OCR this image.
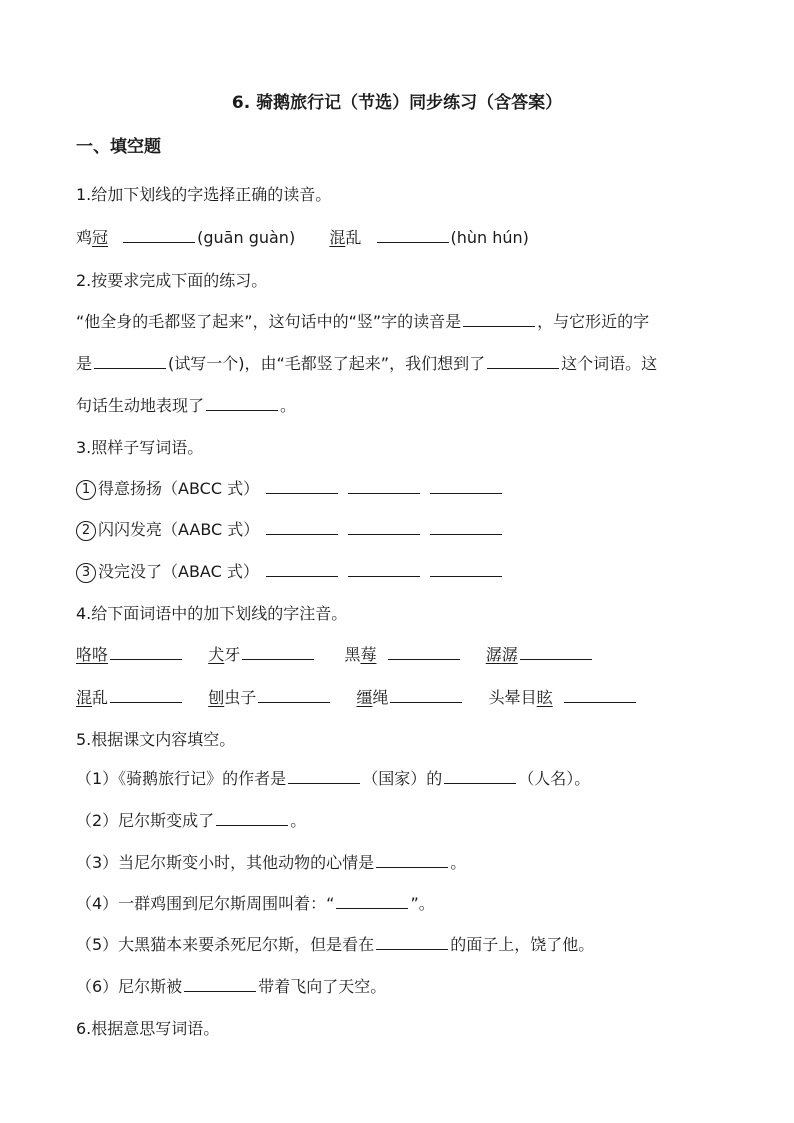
6. 骑鹅旅行记（节选）同步练习（含答案）
一、填空题
1.给加下划线的字选择正确的读音。
鸡冠	(guān guàn) 混乱	(hùn hún)
2.按要求完成下面的练习。
“他全身的毛都竖了起来”，这句话中的“竖”字的读音是	，与它形近的字
是	(试写一个)，由“毛都竖了起来”，我们想到了	这个词语。这
句话生动地表现了	。
3.照样子写词语。
1 得意扬扬（ABCC 式）
2 闪闪发亮（AABC 式）
3 没完没了（ABAC 式）
4.给下面词语中的加下划线的字注音。
咯咯	犬牙	黑莓	潺潺
混乱	刨虫子	缰绳	头晕目眩
5.根据课文内容填空。
（1）《骑鹅旅行记》的作者是	（国家）的	（人名）。
（2）尼尔斯变成了	。
（3）当尼尔斯变小时，其他动物的心情是	。
（4）一群鸡围到尼尔斯周围叫着：“	”。
（5）大黑猫本来要杀死尼尔斯，但是看在	的面子上，饶了他。
（6）尼尔斯被	带着飞向了天空。
6.根据意思写词语。
